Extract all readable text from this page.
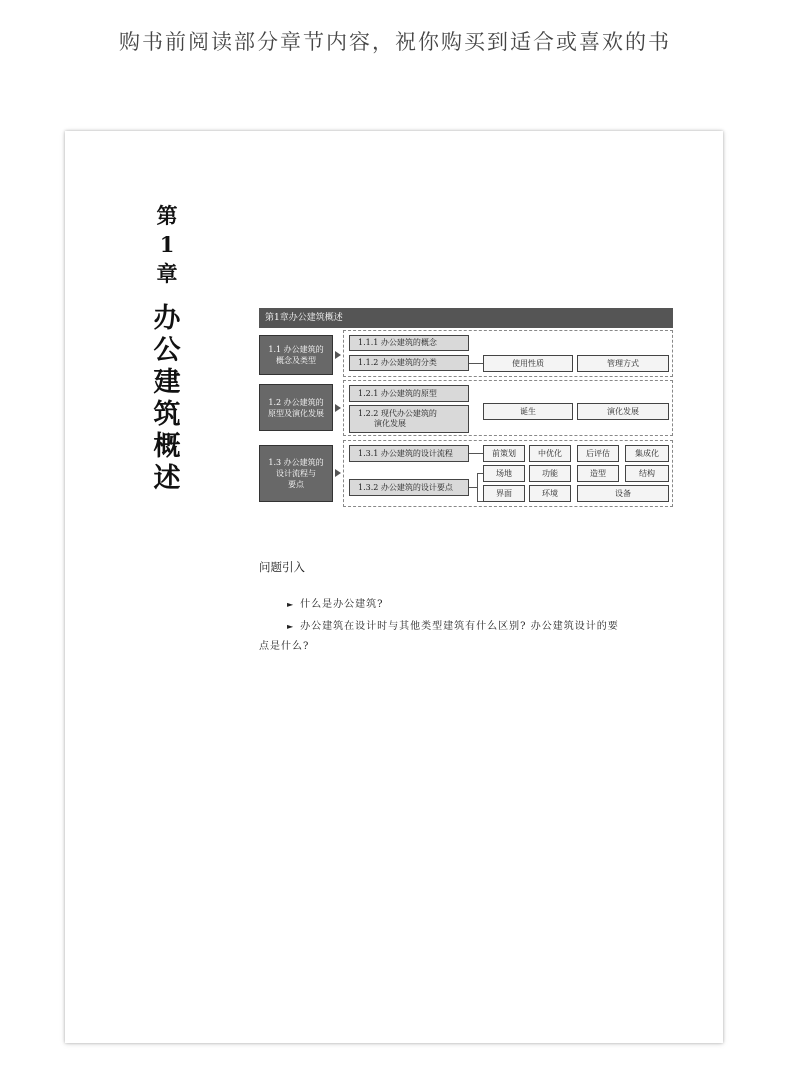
购书前阅读部分章节内容，祝你购买到适合或喜欢的书
第
1
章
办
公
建
筑
概
述
第1章办公建筑概述
1.1 办公建筑的
概念及类型
1.1.1 办公建筑的概念
1.1.2 办公建筑的分类	使用性质	管理方式
1.2 办公建筑的
原型及演化发展
1.2.1 办公建筑的原型
1.2.2 现代办公建筑的
演化发展
诞生	演化发展
1.3 办公建筑的
设计流程与
要点
1.3.1 办公建筑的设计流程
1.3.2 办公建筑的设计要点
前策划	中优化	后评估	集成化
场地	功能	造型	结构
界面	环境	设备
问题引入
► 什么是办公建筑?
► 办公建筑在设计时与其他类型建筑有什么区别? 办公建筑设计的要
点是什么?
